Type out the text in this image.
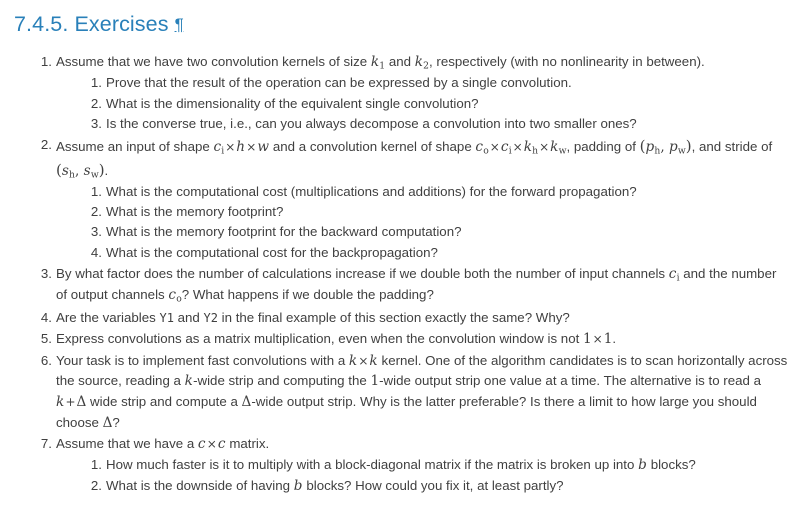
7.4.5. Exercises ¶
Assume that we have two convolution kernels of size $k_1$ and $k_2$, respectively (with no nonlinearity in between).
Prove that the result of the operation can be expressed by a single convolution.
What is the dimensionality of the equivalent single convolution?
Is the converse true, i.e., can you always decompose a convolution into two smaller ones?
Assume an input of shape $c_i\times h\times w$ and a convolution kernel of shape $c_o\times c_i\times k_h\times k_w$, padding of ($p_h$, $p_w$), and stride of ($s_h$, $s_w$).
What is the computational cost (multiplications and additions) for the forward propagation?
What is the memory footprint?
What is the memory footprint for the backward computation?
What is the computational cost for the backpropagation?
By what factor does the number of calculations increase if we double both the number of input channels $c_i$ and the number of output channels $c_o$? What happens if we double the padding?
Are the variables Y1 and Y2 in the final example of this section exactly the same? Why?
Express convolutions as a matrix multiplication, even when the convolution window is not 1×1.
Your task is to implement fast convolutions with a k×k kernel. One of the algorithm candidates is to scan horizontally across the source, reading a k-wide strip and computing the 1-wide output strip one value at a time. The alternative is to read a k+Δ wide strip and compute a Δ-wide output strip. Why is the latter preferable? Is there a limit to how large you should choose Δ?
Assume that we have a c×c matrix.
How much faster is it to multiply with a block-diagonal matrix if the matrix is broken up into b blocks?
What is the downside of having b blocks? How could you fix it, at least partly?
